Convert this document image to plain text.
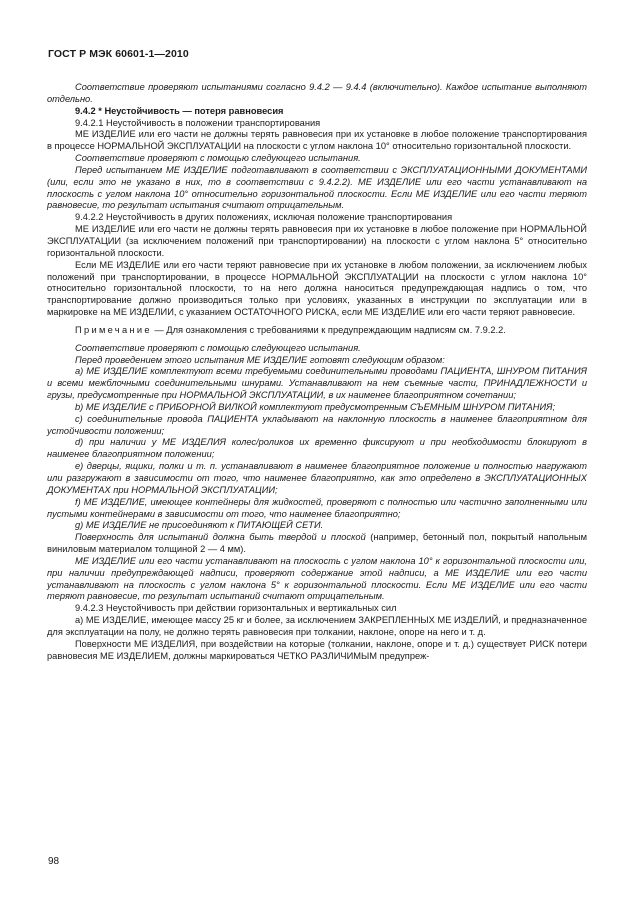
ГОСТ Р МЭК 60601-1—2010

Соответствие проверяют испытаниями согласно 9.4.2 — 9.4.4 (включительно). Каждое испытание выполняют отдельно.

9.4.2 * Неустойчивость — потеря равновесия

9.4.2.1 Неустойчивость в положении транспортирования

МЕ ИЗДЕЛИЕ или его части не должны терять равновесия при их установке в любое положение транспортирования в процессе НОРМАЛЬНОЙ ЭКСПЛУАТАЦИИ на плоскости с углом наклона 10° относительно горизонтальной плоскости.

Соответствие проверяют с помощью следующего испытания.

Перед испытанием МЕ ИЗДЕЛИЕ подготавливают в соответствии с ЭКСПЛУАТАЦИОННЫМИ ДОКУМЕНТАМИ (или, если это не указано в них, то в соответствии с 9.4.2.2). МЕ ИЗДЕЛИЕ или его части устанавливают на плоскость с углом наклона 10° относительно горизонтальной плоскости. Если МЕ ИЗДЕЛИЕ или его части теряют равновесие, то результат испытания считают отрицательным.

9.4.2.2 Неустойчивость в других положениях, исключая положение транспортирования

МЕ ИЗДЕЛИЕ или его части не должны терять равновесия при их установке в любое положение при НОРМАЛЬНОЙ ЭКСПЛУАТАЦИИ (за исключением положений при транспортировании) на плоскости с углом наклона 5° относительно горизонтальной плоскости.

Если МЕ ИЗДЕЛИЕ или его части теряют равновесие при их установке в любом положении, за исключением любых положений при транспортировании, в процессе НОРМАЛЬНОЙ ЭКСПЛУАТАЦИИ на плоскости с углом наклона 10° относительно горизонтальной плоскости, то на него должна наноситься предупреждающая надпись о том, что транспортирование должно производиться только при условиях, указанных в инструкции по эксплуатации или в маркировке на МЕ ИЗДЕЛИИ, с указанием ОСТАТОЧНОГО РИСКА, если МЕ ИЗДЕЛИЕ или его части теряют равновесие.

Примечание — Для ознакомления с требованиями к предупреждающим надписям см. 7.9.2.2.

Соответствие проверяют с помощью следующего испытания.

Перед проведением этого испытания МЕ ИЗДЕЛИЕ готовят следующим образом:

а) МЕ ИЗДЕЛИЕ комплектуют всеми требуемыми соединительными проводами ПАЦИЕНТА, ШНУРОМ ПИТАНИЯ и всеми межблочными соединительными шнурами. Устанавливают на нем съемные части, ПРИНАДЛЕЖНОСТИ и грузы, предусмотренные при НОРМАЛЬНОЙ ЭКСПЛУАТАЦИИ, в их наименее благоприятном сочетании;

b) МЕ ИЗДЕЛИЕ с ПРИБОРНОЙ ВИЛКОЙ комплектуют предусмотренным СЪЕМНЫМ ШНУРОМ ПИТАНИЯ;

c) соединительные провода ПАЦИЕНТА укладывают на наклонную плоскость в наименее благоприятном для устойчивости положении;

d) при наличии у МЕ ИЗДЕЛИЯ колес/роликов их временно фиксируют и при необходимости блокируют в наименее благоприятном положении;

e) дверцы, ящики, полки и т. п. устанавливают в наименее благоприятное положение и полностью нагружают или разгружают в зависимости от того, что наименее благоприятно, как это определено в ЭКСПЛУАТАЦИОННЫХ ДОКУМЕНТАХ при НОРМАЛЬНОЙ ЭКСПЛУАТАЦИИ;

f) МЕ ИЗДЕЛИЕ, имеющее контейнеры для жидкостей, проверяют с полностью или частично заполненными или пустыми контейнерами в зависимости от того, что наименее благоприятно;

g) МЕ ИЗДЕЛИЕ не присоединяют к ПИТАЮЩЕЙ СЕТИ.

Поверхность для испытаний должна быть твердой и плоской (например, бетонный пол, покрытый напольным виниловым материалом толщиной 2 — 4 мм).

МЕ ИЗДЕЛИЕ или его части устанавливают на плоскость с углом наклона 10° к горизонтальной плоскости или, при наличии предупреждающей надписи, проверяют содержание этой надписи, а МЕ ИЗДЕЛИЕ или его части устанавливают на плоскость с углом наклона 5° к горизонтальной плоскости. Если МЕ ИЗДЕЛИЕ или его части теряют равновесие, то результат испытаний считают отрицательным.

9.4.2.3 Неустойчивость при действии горизонтальных и вертикальных сил

а) МЕ ИЗДЕЛИЕ, имеющее массу 25 кг и более, за исключением ЗАКРЕПЛЕННЫХ МЕ ИЗДЕЛИЙ, и предназначенное для эксплуатации на полу, не должно терять равновесия при толкании, наклоне, опоре на него и т. д.

Поверхности МЕ ИЗДЕЛИЯ, при воздействии на которые (толкании, наклоне, опоре и т. д.) существует РИСК потери равновесия МЕ ИЗДЕЛИЕМ, должны маркироваться ЧЕТКО РАЗЛИЧИМЫМ предупреж-

98
